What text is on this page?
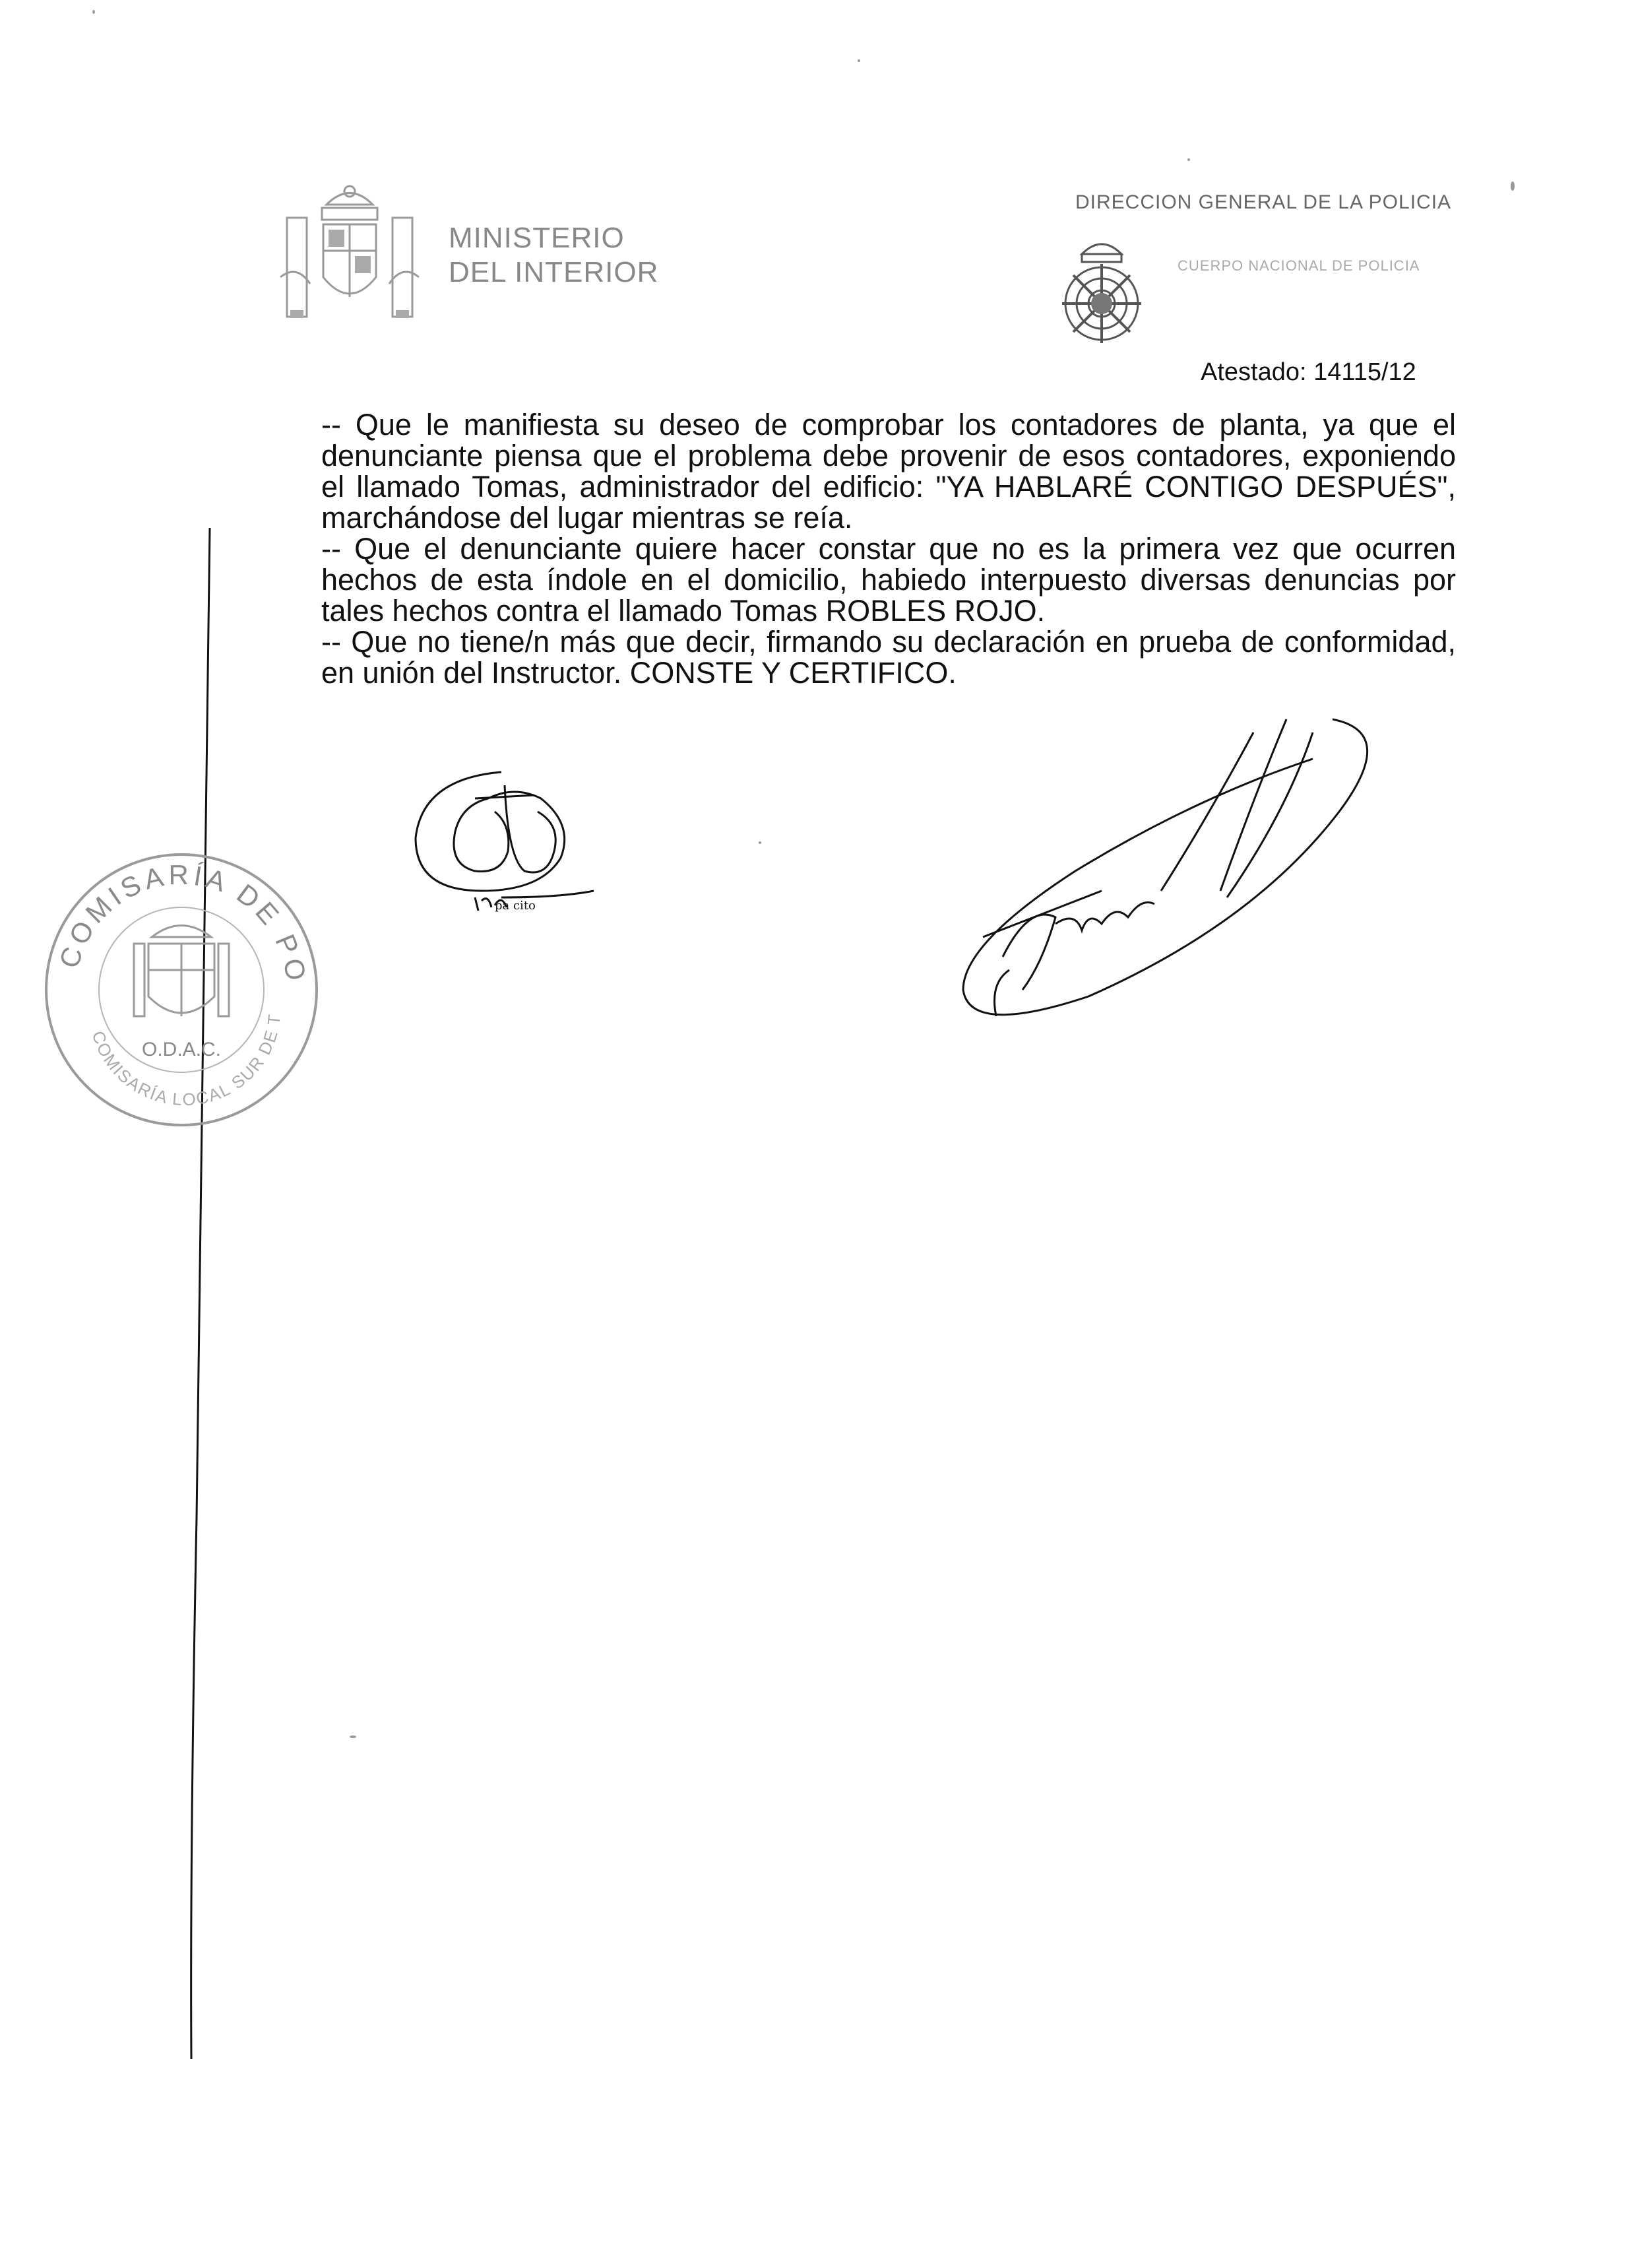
MINISTERIO
DEL INTERIOR
DIRECCION GENERAL DE LA POLICIA
CUERPO NACIONAL DE POLICIA
Atestado: 14115/12

-- Que le manifiesta su deseo de comprobar los contadores de planta, ya que el denunciante piensa que el problema debe provenir de esos contadores, exponiendo el llamado Tomas, administrador del edificio: "YA HABLARÉ CONTIGO DESPUÉS", marchándose del lugar mientras se reía.

-- Que el denunciante quiere hacer constar que no es la primera vez que ocurren hechos de esta índole en el domicilio, habiedo interpuesto diversas denuncias por tales hechos contra el llamado Tomas ROBLES ROJO.

-- Que no tiene/n más que decir, firmando su declaración en prueba de conformidad, en unión del Instructor. CONSTE Y CERTIFICO.

COMISARÍA DE PO
COMISARÍA LOCAL SUR DE T
O.D.A.C.
pa cito
